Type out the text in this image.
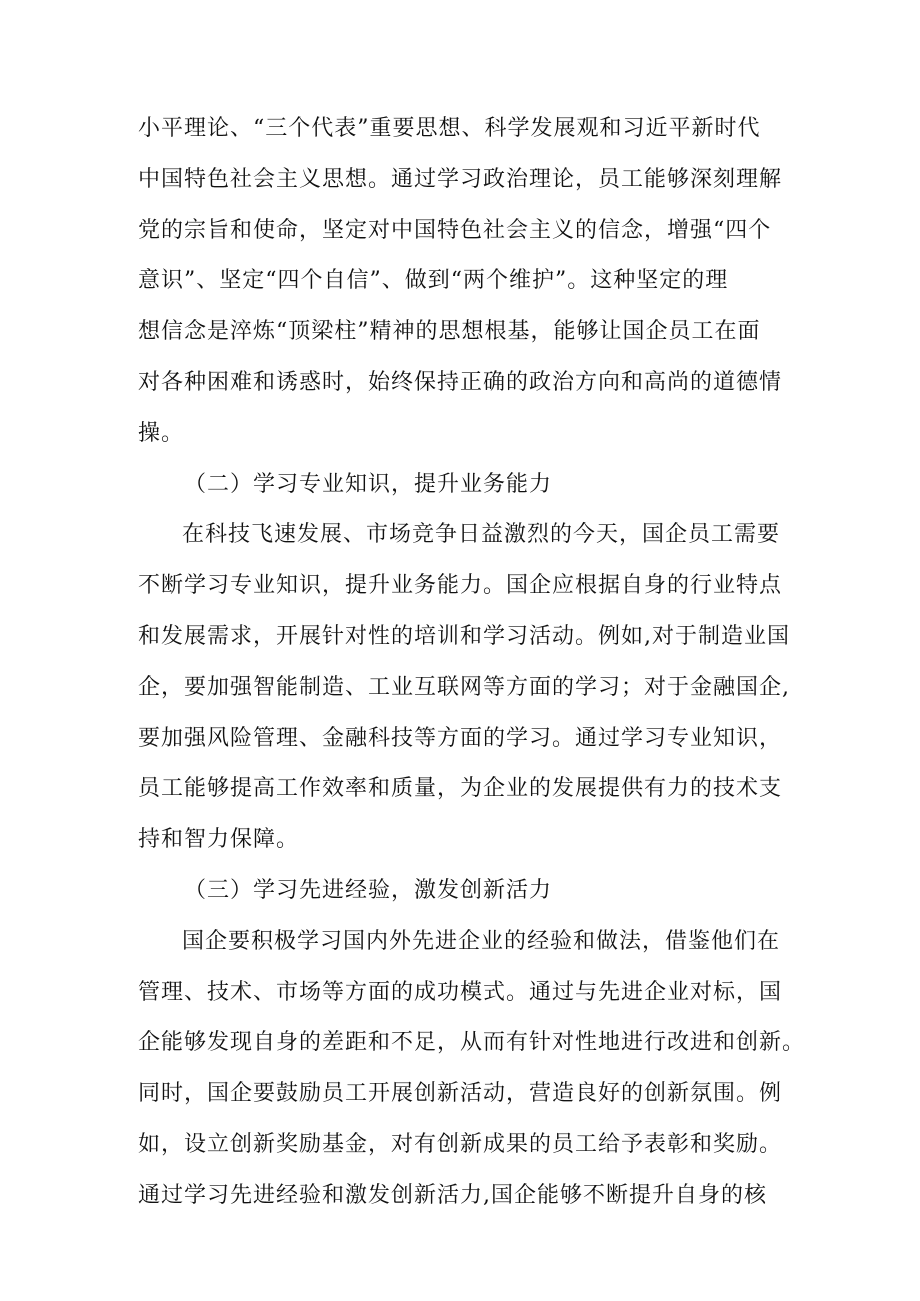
小平理论、“三个代表”重要思想、科学发展观和习近平新时代
中国特色社会主义思想。通过学习政治理论，员工能够深刻理解
党的宗旨和使命，坚定对中国特色社会主义的信念，增强“四个
意识”、坚定“四个自信”、做到“两个维护”。这种坚定的理
想信念是淬炼“顶梁柱”精神的思想根基，能够让国企员工在面
对各种困难和诱惑时，始终保持正确的政治方向和高尚的道德情
操。
（二）学习专业知识，提升业务能力
在科技飞速发展、市场竞争日益激烈的今天，国企员工需要
不断学习专业知识，提升业务能力。国企应根据自身的行业特点
和发展需求，开展针对性的培训和学习活动。例如,对于制造业国
企，要加强智能制造、工业互联网等方面的学习；对于金融国企,
要加强风险管理、金融科技等方面的学习。通过学习专业知识，
员工能够提高工作效率和质量，为企业的发展提供有力的技术支
持和智力保障。
（三）学习先进经验，激发创新活力
国企要积极学习国内外先进企业的经验和做法，借鉴他们在
管理、技术、市场等方面的成功模式。通过与先进企业对标，国
企能够发现自身的差距和不足，从而有针对性地进行改进和创新。
同时，国企要鼓励员工开展创新活动，营造良好的创新氛围。例
如，设立创新奖励基金，对有创新成果的员工给予表彰和奖励。
通过学习先进经验和激发创新活力,国企能够不断提升自身的核
